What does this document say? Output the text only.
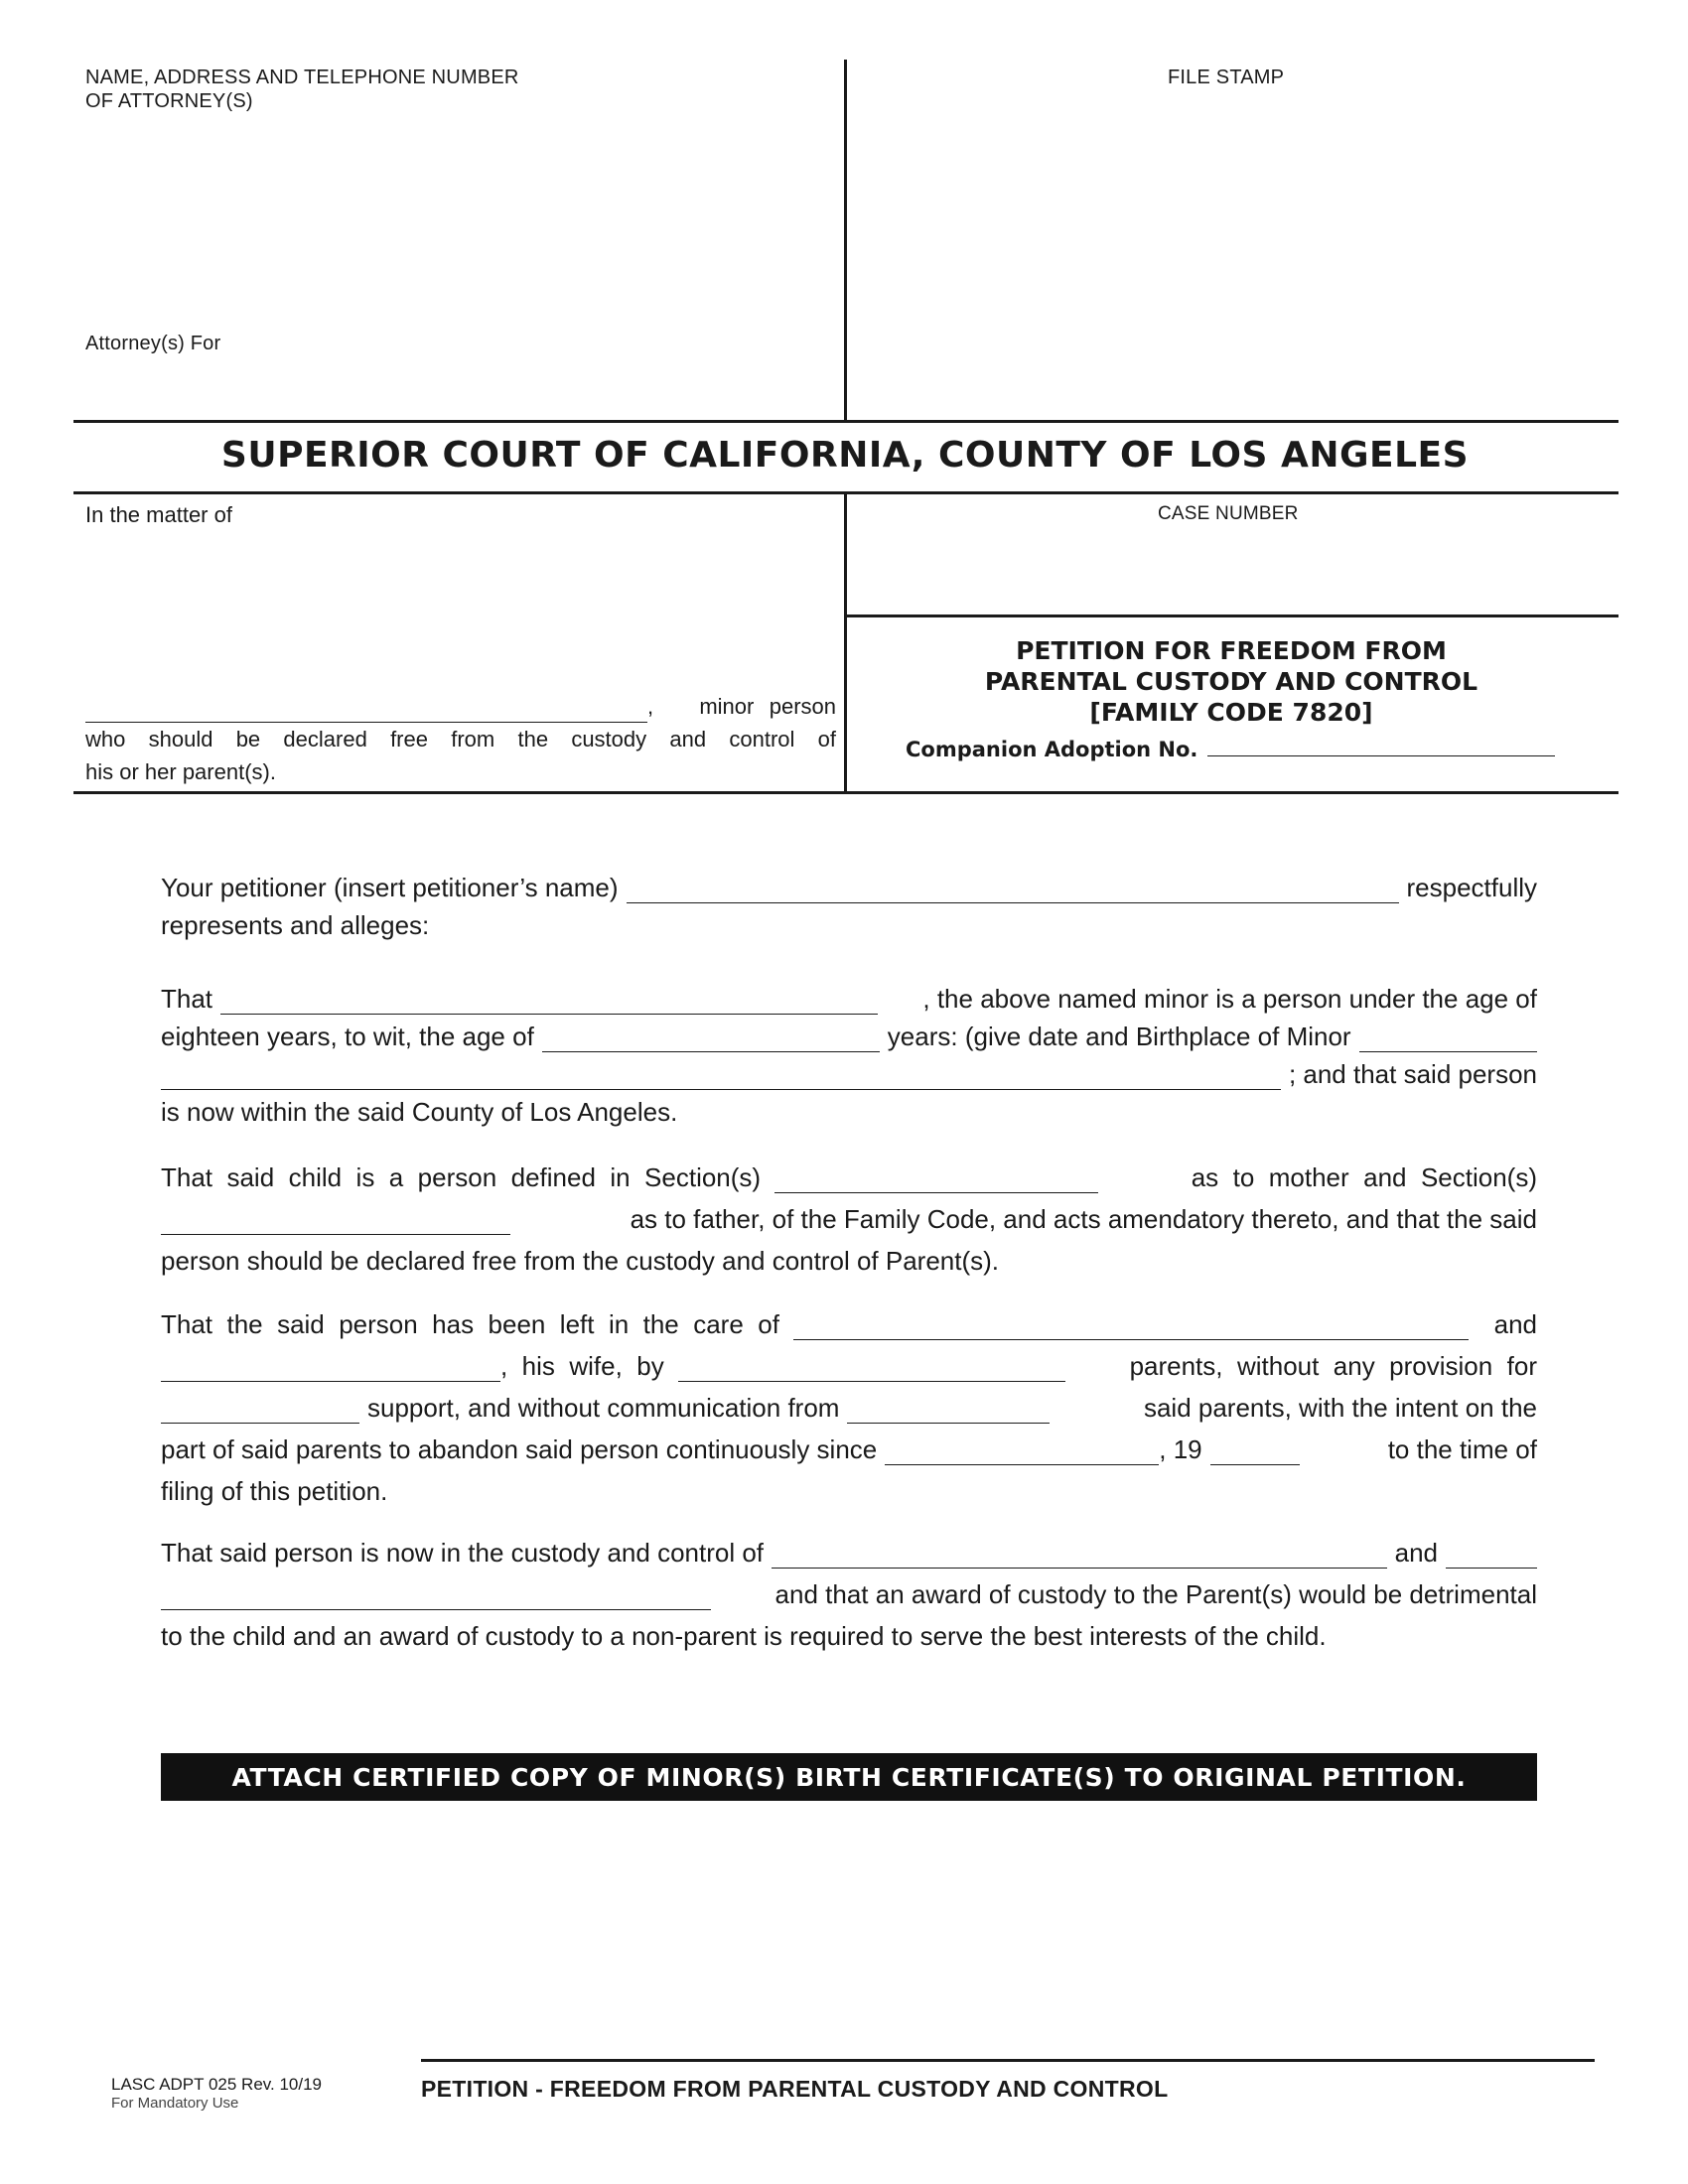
NAME, ADDRESS AND TELEPHONE NUMBER
OF ATTORNEY(S)
FILE STAMP
Attorney(s) For
SUPERIOR COURT OF CALIFORNIA, COUNTY OF LOS ANGELES
In the matter of
,   minor person
who should be declared free from the custody and control of
his or her parent(s).
CASE NUMBER
PETITION FOR FREEDOM FROM
PARENTAL CUSTODY AND CONTROL
[FAMILY CODE 7820]
Companion Adoption No.
Your petitioner (insert petitioner’s name)	respectfully
represents and alleges:
That	, the above named minor is a person under the age of
eighteen years, to wit, the age of	years: (give date and Birthplace of Minor
; and that said person
is now within the said County of Los Angeles.
That  said  child  is  a  person  defined  in  Section(s)	as  to  mother  and  Section(s)
as to father, of the Family Code, and acts amendatory thereto, and that the said
person should be declared free from the custody and control of Parent(s).
That  the  said  person  has  been  left  in  the  care  of	and
,  his  wife,  by	parents,  without  any  provision  for
support, and without communication from	said parents, with the intent on the
part of said parents to abandon said person continuously since	, 19	to the time of
filing of this petition.
That said person is now in the custody and control of	and
and that an award of custody to the Parent(s) would be detrimental
to the child and an award of custody to a non-parent is required to serve the best interests of the child.
ATTACH CERTIFIED COPY OF MINOR(S) BIRTH CERTIFICATE(S) TO ORIGINAL PETITION.
LASC ADPT 025 Rev. 10/19
For Mandatory Use
PETITION - FREEDOM FROM PARENTAL CUSTODY AND CONTROL
